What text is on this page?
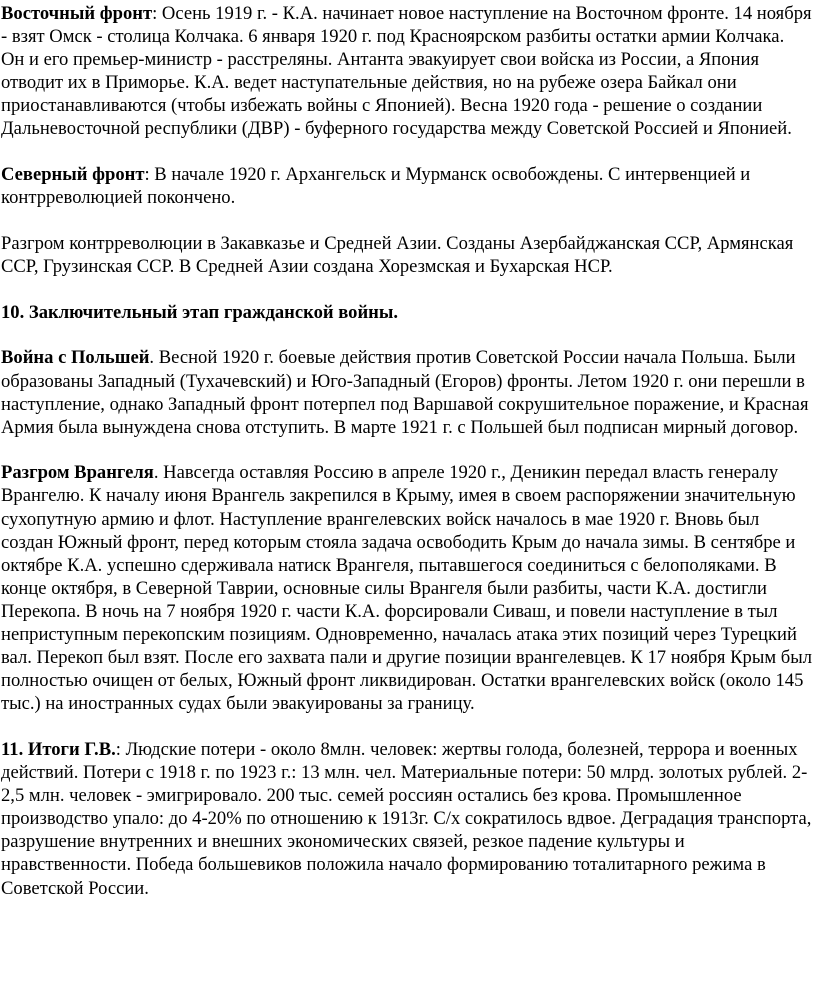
Восточный фронт: Осень 1919 г. - К.А. начинает новое наступление на Восточном фронте. 14 ноября - взят Омск - столица Колчака. 6 января 1920 г. под Красноярском разбиты остатки армии Колчака. Он и его премьер-министр - расстреляны. Антанта эвакуирует свои войска из России, а Япония отводит их в Приморье. К.А. ведет наступательные действия, но на рубеже озера Байкал они приостанавливаются (чтобы избежать войны с Японией). Весна 1920 года - решение о создании Дальневосточной республики (ДВР) - буферного государства между Советской Россией и Японией.

Северный фронт: В начале 1920 г. Архангельск и Мурманск освобождены. С интервенцией и контрреволюцией покончено.

Разгром контрреволюции в Закавказье и Средней Азии. Созданы Азербайджанская ССР, Армянская ССР, Грузинская ССР. В Средней Азии создана Хорезмская и Бухарская НСР.

10. Заключительный этап гражданской войны.

Война с Польшей. Весной 1920 г. боевые действия против Советской России начала Польша. Были образованы Западный (Тухачевский) и Юго-Западный (Егоров) фронты. Летом 1920 г. они перешли в наступление, однако Западный фронт потерпел под Варшавой сокрушительное поражение, и Красная Армия была вынуждена снова отступить. В марте 1921 г. с Польшей был подписан мирный договор.

Разгром Врангеля. Навсегда оставляя Россию в апреле 1920 г., Деникин передал власть генералу Врангелю. К началу июня Врангель закрепился в Крыму, имея в своем распоряжении значительную сухопутную армию и флот. Наступление врангелевских войск началось в мае 1920 г. Вновь был создан Южный фронт, перед которым стояла задача освободить Крым до начала зимы. В сентябре и октябре К.А. успешно сдерживала натиск Врангеля, пытавшегося соединиться с белополяками. В конце октября, в Северной Таврии, основные силы Врангеля были разбиты, части К.А. достигли Перекопа. В ночь на 7 ноября 1920 г. части К.А. форсировали Сиваш, и повели наступление в тыл неприступным перекопским позициям. Одновременно, началась атака этих позиций через Турецкий вал. Перекоп был взят. После его захвата пали и другие позиции врангелевцев. К 17 ноября Крым был полностью очищен от белых, Южный фронт ликвидирован. Остатки врангелевских войск (около 145 тыс.) на иностранных судах были эвакуированы за границу.

11. Итоги Г.В.: Людские потери - около 8млн. человек: жертвы голода, болезней, террора и военных действий. Потери с 1918 г. по 1923 г.: 13 млн. чел. Материальные потери: 50 млрд. золотых рублей. 2-2,5 млн. человек - эмигрировало. 200 тыс. семей россиян остались без крова. Промышленное производство упало: до 4-20% по отношению к 1913г. С/х сократилось вдвое. Деградация транспорта, разрушение внутренних и внешних экономических связей, резкое падение культуры и нравственности. Победа большевиков положила начало формированию тоталитарного режима в Советской России.
